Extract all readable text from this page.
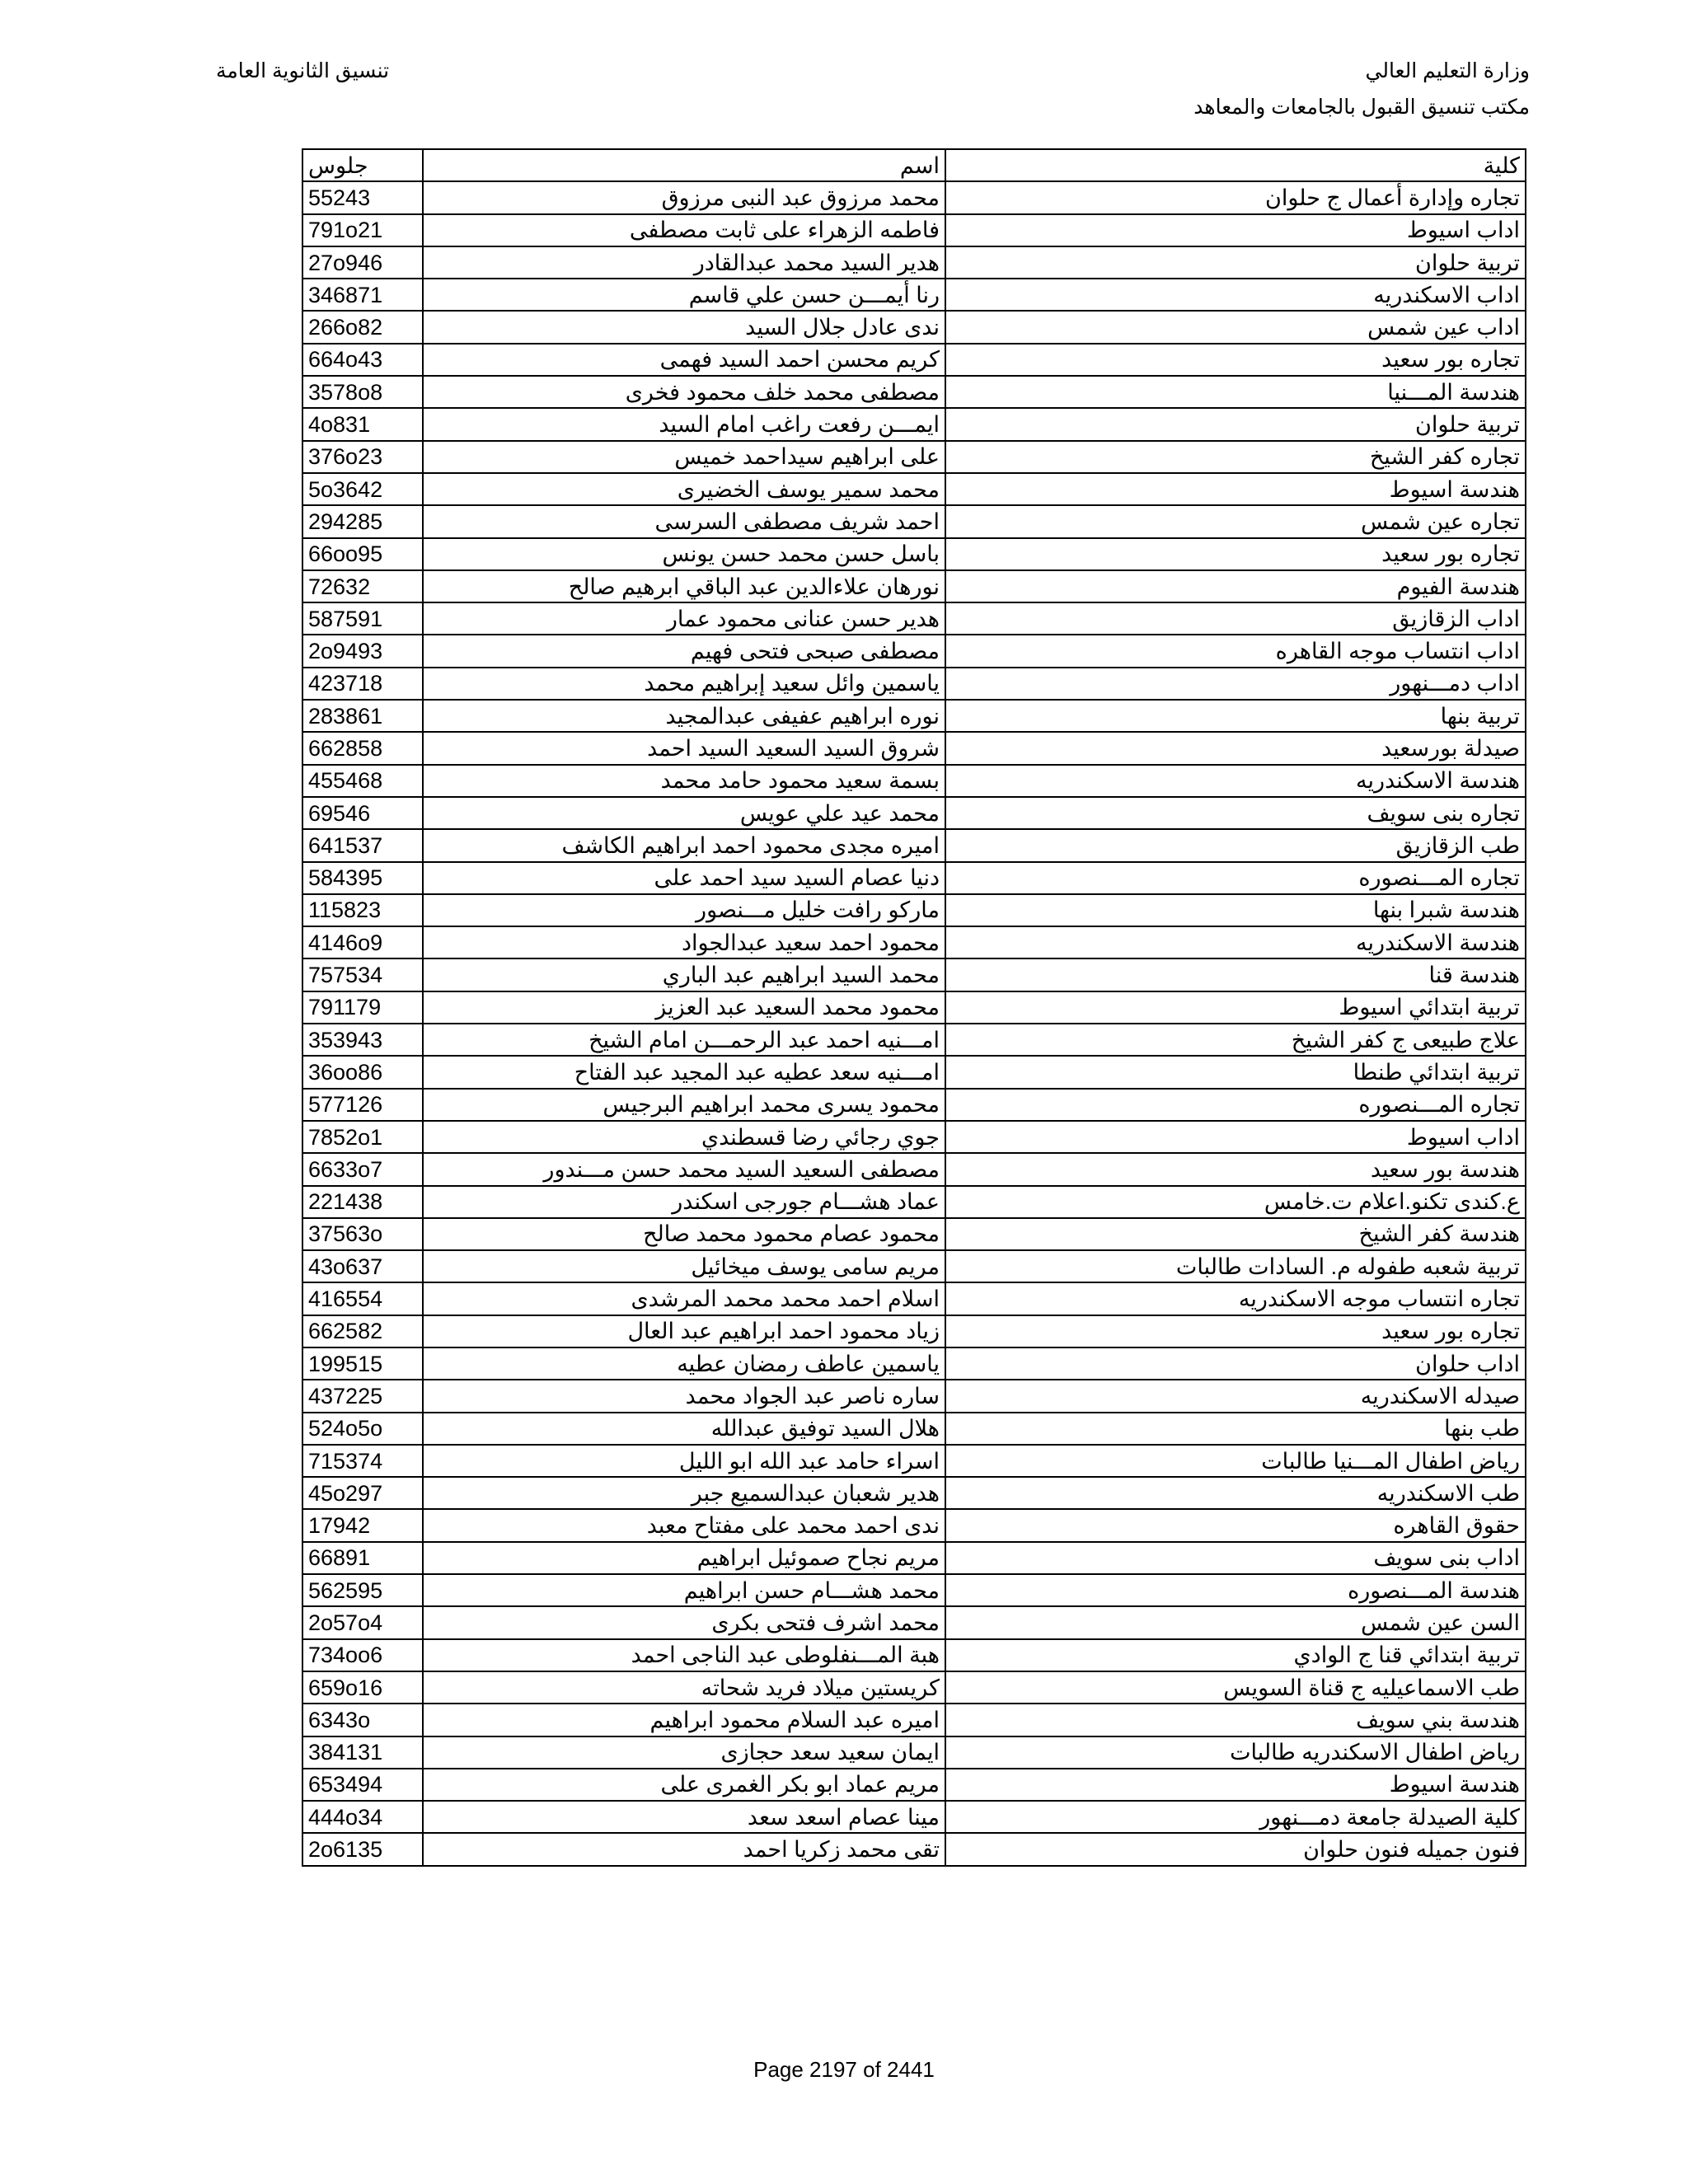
وزارة التعليم العالي
مكتب تنسيق القبول بالجامعات والمعاهد
تنسيق الثانوية العامة
جلوس	اسم	كلية
55243	محمد مرزوق عبد النبى مرزوق	تجاره وإدارة أعمال ج حلوان
791o21	فاطمه الزهراء على ثابت مصطفى	اداب اسيوط
27o946	هدير السيد محمد عبدالقادر	تربية حلوان
346871	رنا أيمـــن حسن علي قاسم	اداب الاسكندريه
266o82	ندى عادل جلال السيد	اداب عين شمس
664o43	كريم محسن احمد السيد فهمى	تجاره بور سعيد
3578o8	مصطفى محمد خلف محمود فخرى	هندسة المـــنيا
4o831	ايمـــن رفعت راغب امام السيد	تربية حلوان
376o23	على ابراهيم سيداحمد خميس	تجاره كفر الشيخ
5o3642	محمد سمير يوسف الخضيرى	هندسة اسيوط
294285	احمد شريف مصطفى السرسى	تجاره عين شمس
66oo95	باسل حسن محمد حسن يونس	تجاره بور سعيد
72632	نورهان علاءالدين عبد الباقي ابرهيم صالح	هندسة الفيوم
587591	هدير حسن عنانى محمود عمار	اداب الزقازيق
2o9493	مصطفى صبحى فتحى فهيم	اداب انتساب موجه القاهره
423718	ياسمين وائل سعيد إبراهيم محمد	اداب دمـــنهور
283861	نوره ابراهيم عفيفى عبدالمجيد	تربية بنها
662858	شروق السيد السعيد السيد احمد	صيدلة بورسعيد
455468	بسمة سعيد محمود حامد محمد	هندسة الاسكندريه
69546	محمد عيد علي عويس	تجاره بنى سويف
641537	اميره مجدى محمود احمد ابراهيم الكاشف	طب الزقازيق
584395	دنيا عصام السيد سيد احمد على	تجاره المـــنصوره
115823	ماركو رافت خليل مـــنصور	هندسة شبرا بنها
4146o9	محمود احمد سعيد عبدالجواد	هندسة الاسكندريه
757534	محمد السيد ابراهيم عبد الباري	هندسة قنا
791179	محمود محمد السعيد عبد العزيز	تربية ابتدائي اسيوط
353943	امـــنيه احمد عبد الرحمـــن امام الشيخ	علاج طبيعى ج كفر الشيخ
36oo86	امـــنيه سعد عطيه عبد المجيد عبد الفتاح	تربية ابتدائي طنطا
577126	محمود يسرى محمد ابراهيم البرجيس	تجاره المـــنصوره
7852o1	جوي رجائي رضا قسطندي	اداب اسيوط
6633o7	مصطفى السعيد السيد محمد حسن مـــندور	هندسة بور سعيد
221438	عماد هشـــام جورجى اسكندر	ع.كندى تكنو.اعلام ت.خامس
37563o	محمود عصام محمود محمد صالح	هندسة كفر الشيخ
43o637	مريم سامى يوسف ميخائيل	تربية شعبه طفوله م. السادات طالبات
416554	اسلام احمد محمد محمد المرشدى	تجاره انتساب موجه الاسكندريه
662582	زياد محمود احمد ابراهيم عبد العال	تجاره بور سعيد
199515	ياسمين عاطف رمضان عطيه	اداب حلوان
437225	ساره ناصر عبد الجواد محمد	صيدله الاسكندريه
524o5o	هلال السيد توفيق عبدالله	طب بنها
715374	اسراء حامد عبد الله ابو الليل	رياض اطفال المـــنيا طالبات
45o297	هدير شعبان عبدالسميع جبر	طب الاسكندريه
17942	ندى احمد محمد على مفتاح معبد	حقوق القاهره
66891	مريم نجاح صموئيل ابراهيم	اداب بنى سويف
562595	محمد هشـــام حسن ابراهيم	هندسة المـــنصوره
2o57o4	محمد اشرف فتحى بكرى	السن عين شمس
734oo6	هبة المـــنفلوطى عبد الناجى احمد	تربية ابتدائي قنا ج الوادي
659o16	كريستين ميلاد فريد شحاته	طب الاسماعيليه ج قناة السويس
6343o	اميره عبد السلام محمود ابراهيم	هندسة بني سويف
384131	ايمان سعيد سعد حجازى	رياض اطفال الاسكندريه طالبات
653494	مريم عماد ابو بكر الغمرى على	هندسة اسيوط
444o34	مينا عصام اسعد سعد	كلية الصيدلة جامعة دمـــنهور
2o6135	تقى محمد زكريا احمد	فنون جميله فنون حلوان
Page 2197 of 2441
